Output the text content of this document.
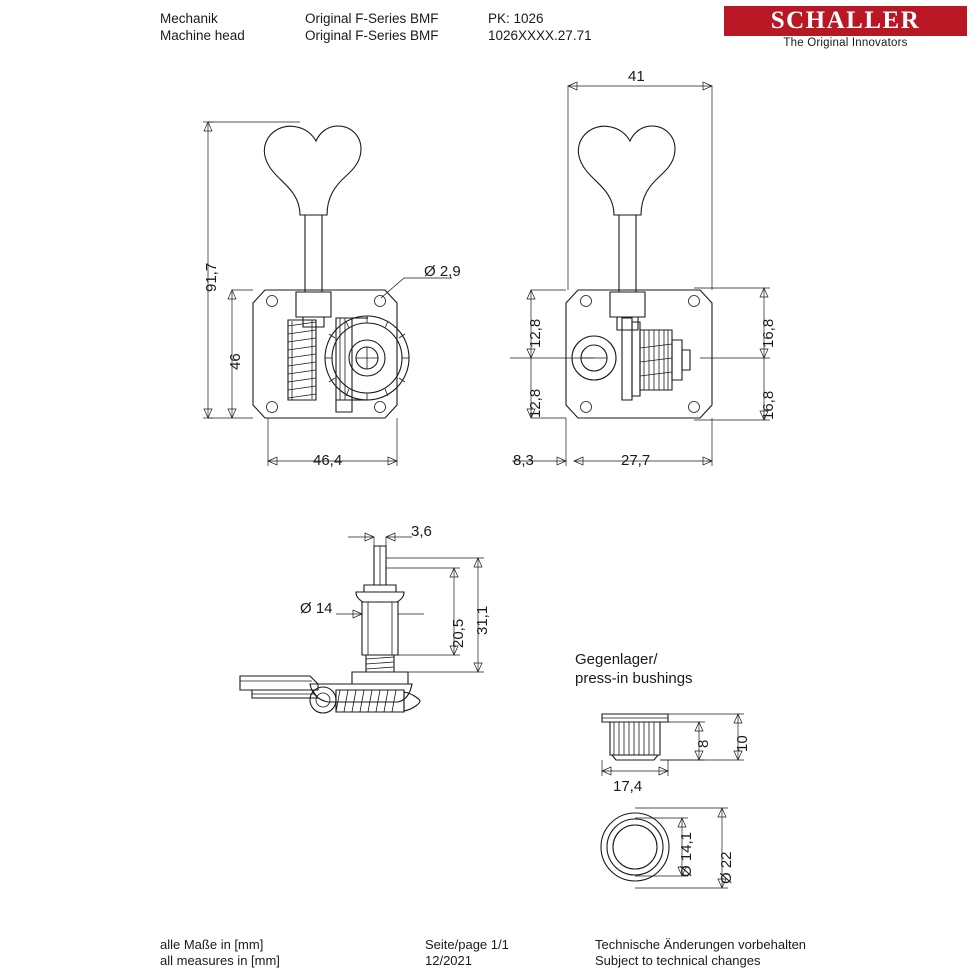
Mechanik
Machine head
Original F-Series BMF
Original F-Series BMF
PK: 1026
1026XXXX.27.71
SCHALLER
The Original Innovators
91,7
46
46,4
Ø 2,9
41
12,8
12,8
16,8
16,8
8,3	27,7
3,6
Ø 14
20,5 31,1
Gegenlager/
press-in bushings
17,4
8 10
Ø 14,1 Ø 22
alle Maße in [mm]
all measures in [mm]
Seite/page 1/1
12/2021
Technische Änderungen vorbehalten
Subject to technical changes
